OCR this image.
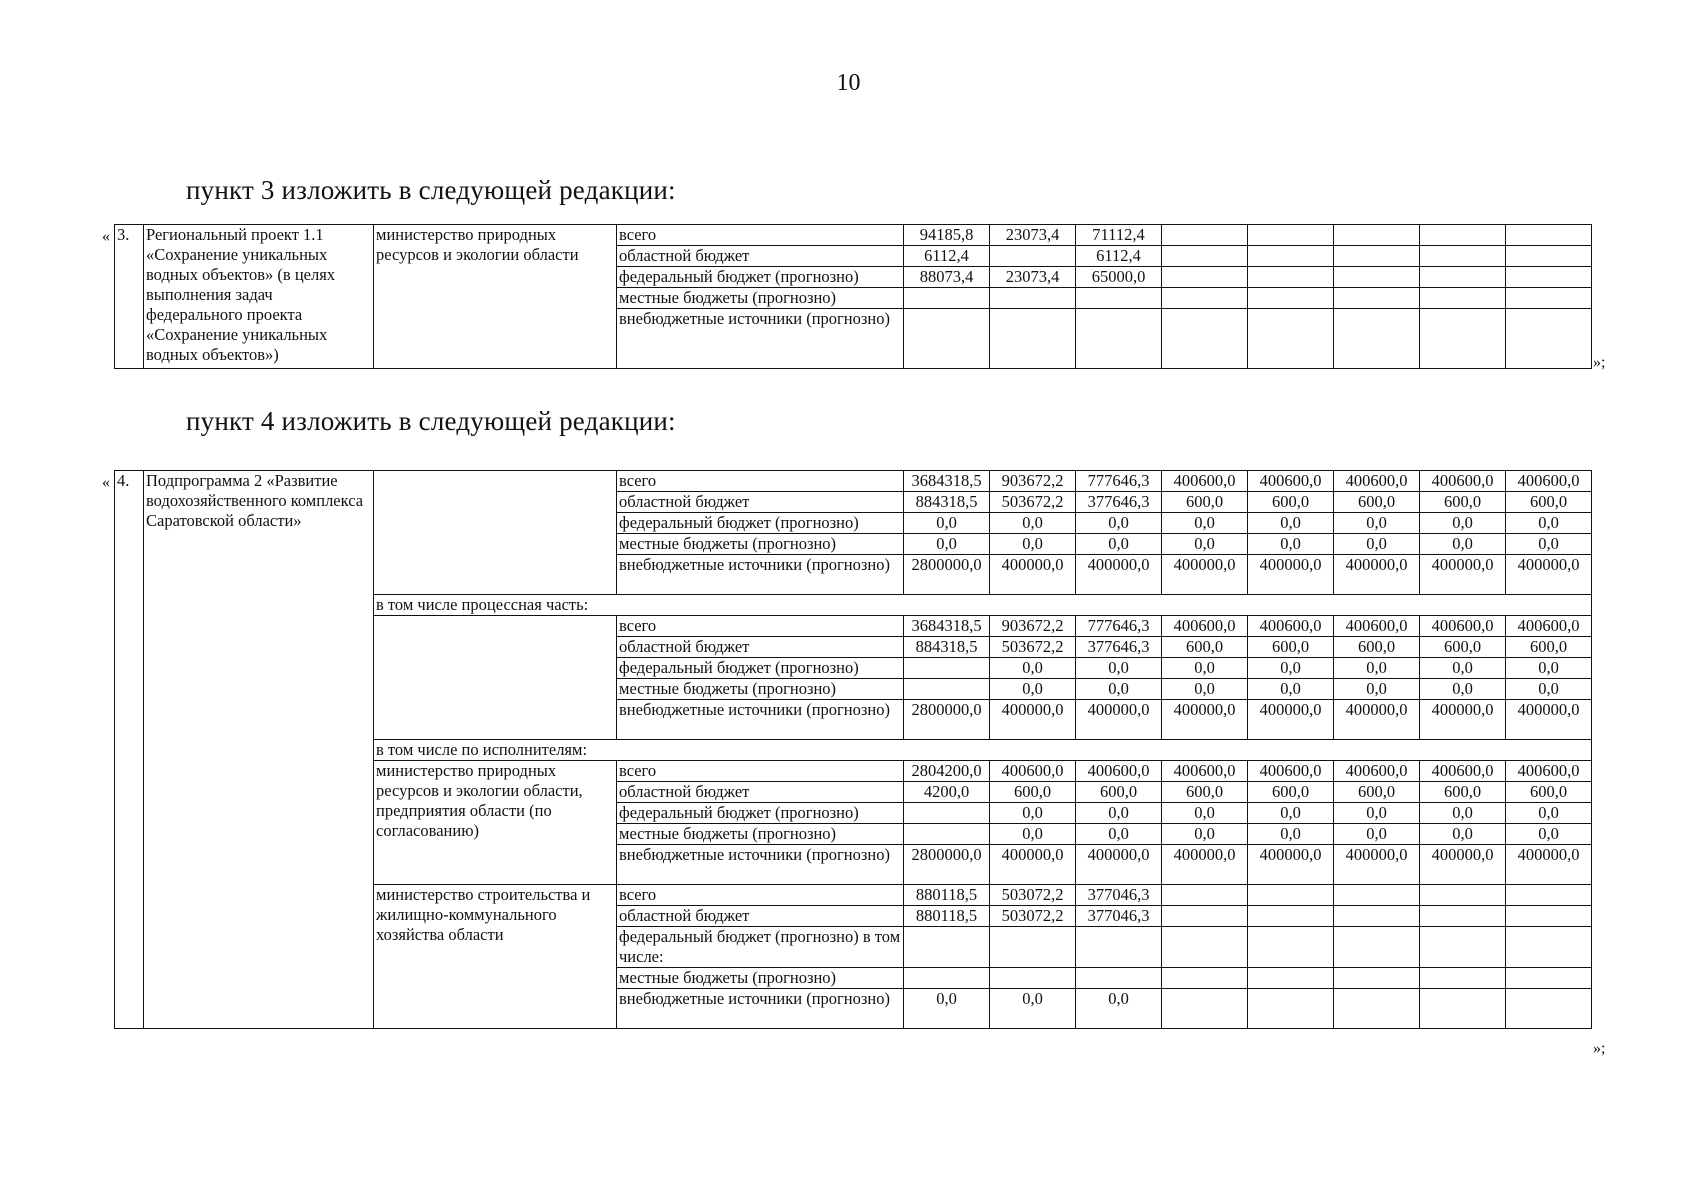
10
пункт 3 изложить в следующей редакции:
« 3.	Региональный проект 1.1 «Сохранение уникальных водных объектов» (в целях выполнения задач федерального проекта «Сохранение уникальных водных объектов»)	министерство природных ресурсов и экологии области	всего	94185,8	23073,4	71112,4					
			областной бюджет	6112,4		6112,4					
			федеральный бюджет (прогнозно)	88073,4	23073,4	65000,0					
			местные бюджеты (прогнозно)								
			внебюджетные источники (прогнозно)								
»;
пункт 4 изложить в следующей редакции:
« 4.	Подпрограмма 2 «Развитие водохозяйственного комплекса Саратовской области»		всего	3684318,5	903672,2	777646,3	400600,0	400600,0	400600,0	400600,0	400600,0
			областной бюджет	884318,5	503672,2	377646,3	600,0	600,0	600,0	600,0	600,0
			федеральный бюджет (прогнозно)	0,0	0,0	0,0	0,0	0,0	0,0	0,0	0,0
			местные бюджеты (прогнозно)	0,0	0,0	0,0	0,0	0,0	0,0	0,0	0,0
			внебюджетные источники (прогнозно)	2800000,0	400000,0	400000,0	400000,0	400000,0	400000,0	400000,0	400000,0
		в том числе процессная часть:									
			всего	3684318,5	903672,2	777646,3	400600,0	400600,0	400600,0	400600,0	400600,0
			областной бюджет	884318,5	503672,2	377646,3	600,0	600,0	600,0	600,0	600,0
			федеральный бюджет (прогнозно)		0,0	0,0	0,0	0,0	0,0	0,0	0,0
			местные бюджеты (прогнозно)		0,0	0,0	0,0	0,0	0,0	0,0	0,0
			внебюджетные источники (прогнозно)	2800000,0	400000,0	400000,0	400000,0	400000,0	400000,0	400000,0	400000,0
		в том числе по исполнителям:									
		министерство природных ресурсов и экологии области, предприятия области (по согласованию)	всего	2804200,0	400600,0	400600,0	400600,0	400600,0	400600,0	400600,0	400600,0
			областной бюджет	4200,0	600,0	600,0	600,0	600,0	600,0	600,0	600,0
			федеральный бюджет (прогнозно)		0,0	0,0	0,0	0,0	0,0	0,0	0,0
			местные бюджеты (прогнозно)		0,0	0,0	0,0	0,0	0,0	0,0	0,0
			внебюджетные источники (прогнозно)	2800000,0	400000,0	400000,0	400000,0	400000,0	400000,0	400000,0	400000,0
		министерство строительства и жилищно-коммунального хозяйства области	всего	880118,5	503072,2	377046,3					
			областной бюджет	880118,5	503072,2	377046,3					
			федеральный бюджет (прогнозно) в том числе:								
			местные бюджеты (прогнозно)								
			внебюджетные источники (прогнозно)	0,0	0,0	0,0					
»;
